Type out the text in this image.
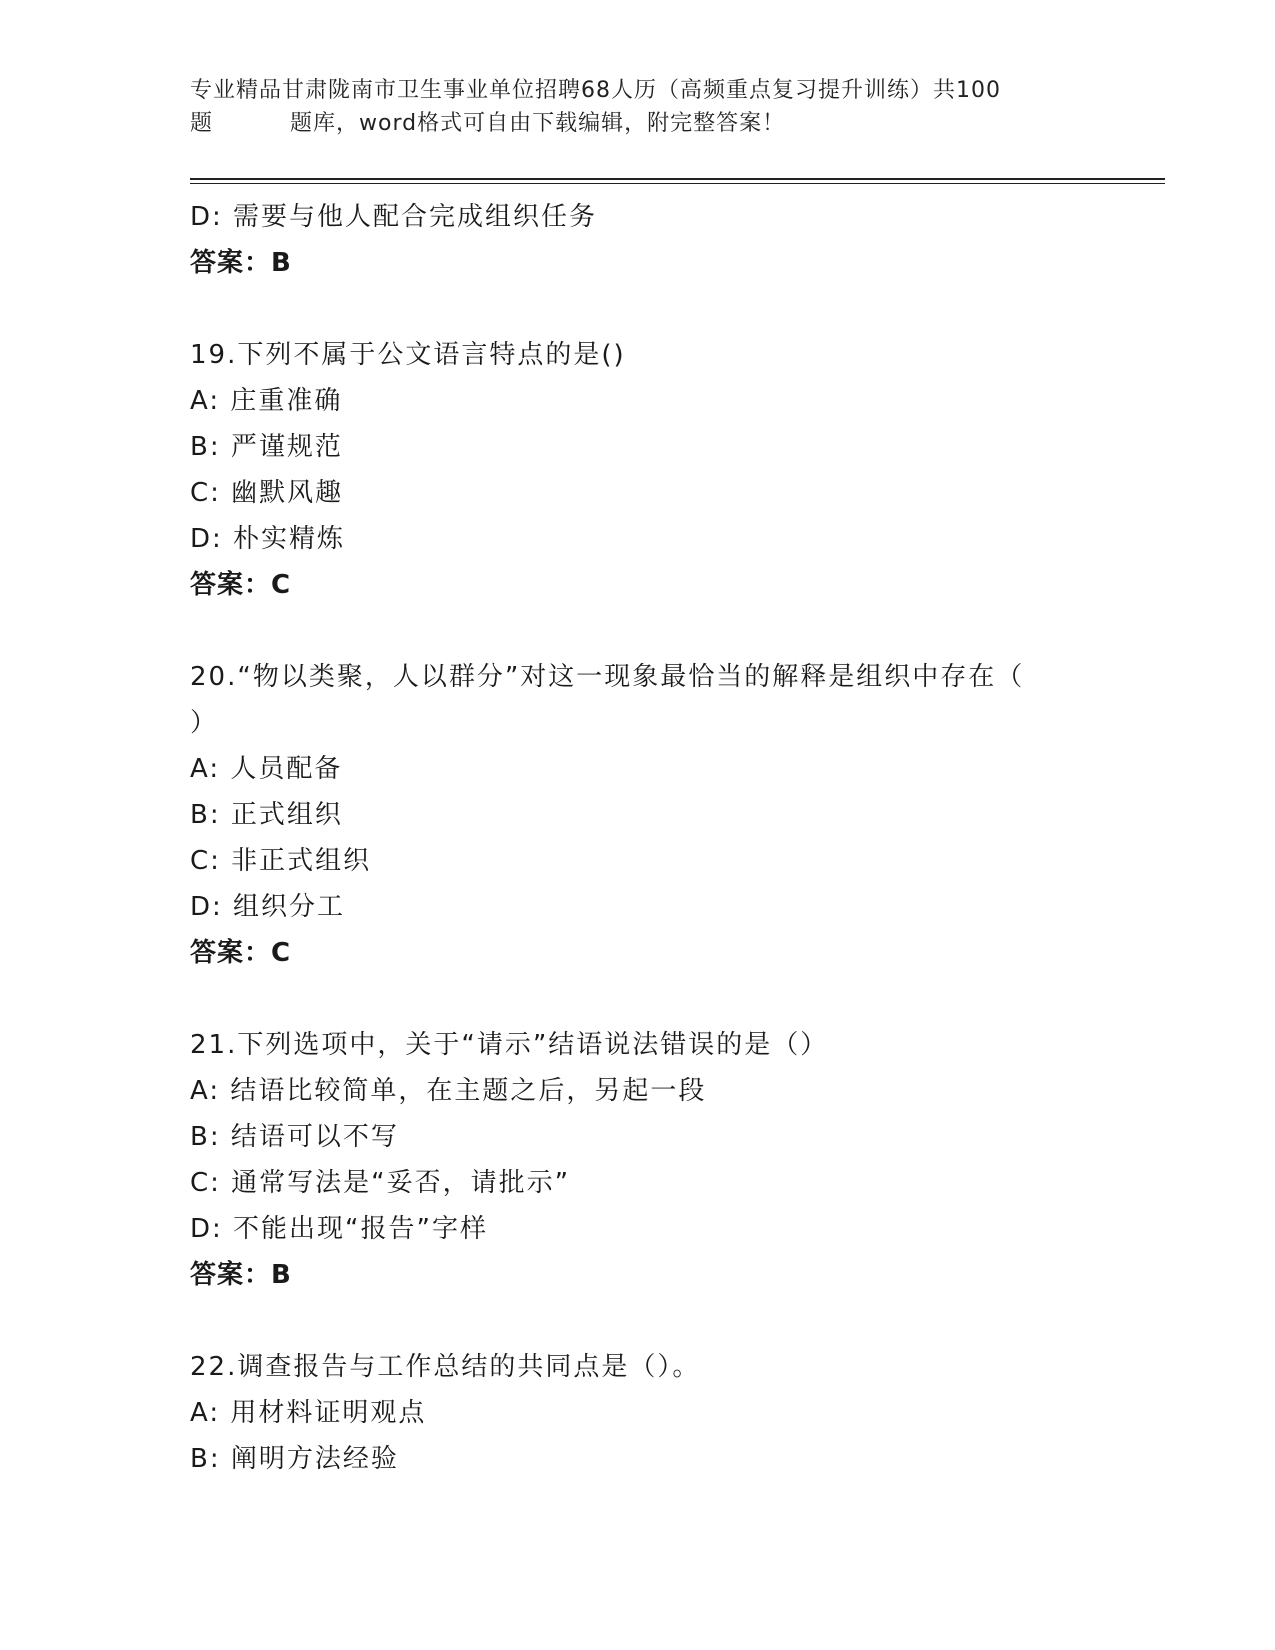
专业精品甘肃陇南市卫生事业单位招聘68人历（高频重点复习提升训练）共100
题	题库，word格式可自由下载编辑，附完整答案！
D: 需要与他人配合完成组织任务
答案：B
19.下列不属于公文语言特点的是()
A: 庄重准确
B: 严谨规范
C: 幽默风趣
D: 朴实精炼
答案：C
20.“物以类聚，人以群分”对这一现象最恰当的解释是组织中存在（
）
A: 人员配备
B: 正式组织
C: 非正式组织
D: 组织分工
答案：C
21.下列选项中，关于“请示”结语说法错误的是（）
A: 结语比较简单，在主题之后，另起一段
B: 结语可以不写
C: 通常写法是“妥否，请批示”
D: 不能出现“报告”字样
答案：B
22.调查报告与工作总结的共同点是（）。
A: 用材料证明观点
B: 阐明方法经验
